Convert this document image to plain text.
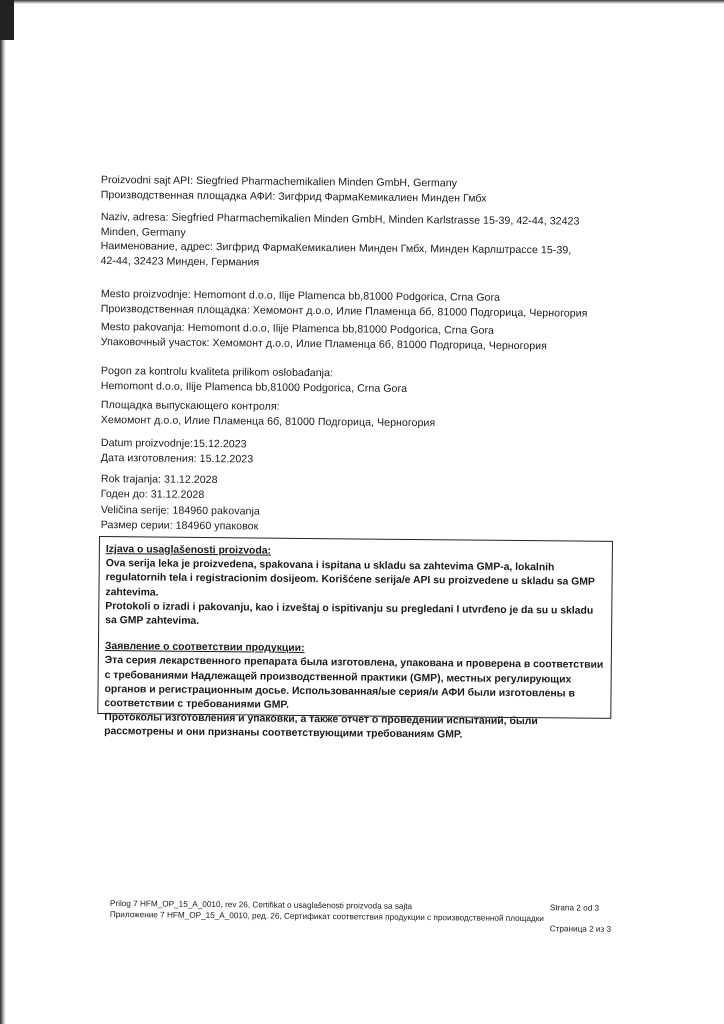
Proizvodni sajt API: Siegfried Pharmachemikalien Minden GmbH, Germany
Производственная площадка АФИ: Зигфрид ФармаКемикалиен Минден Гмбх
Naziv, adresa: Siegfried Pharmachemikalien Minden GmbH, Minden Karlstrasse 15-39, 42-44, 32423
Minden, Germany
Наименование, адрес: Зигфрид ФармаКемикалиен Минден Гмбх, Минден Карлштрассе 15-39,
42-44, 32423 Минден, Германия
Mesto proizvodnje: Hemomont d.o.o, Ilije Plamenca bb,81000 Podgorica, Crna Gora
Производственная площадка: Хемомонт д.о.о, Илие Пламенца бб, 81000 Подгорица, Черногория
Mesto pakovanja: Hemomont d.o.o, Ilije Plamenca bb,81000 Podgorica, Crna Gora
Упаковочный участок: Хемомонт д.о.о, Илие Пламенца 6б, 81000 Подгорица, Черногория
Pogon za kontrolu kvaliteta prilikom oslobađanja:
Hemomont d.o.o, Ilije Plamenca bb,81000 Podgorica, Crna Gora
Площадка выпускающего контроля:
Хемомонт д.о.о, Илие Пламенца 6б, 81000 Подгорица, Черногория
Datum proizvodnje:15.12.2023
Дата изготовления: 15.12.2023
Rok trajanja: 31.12.2028
Годен до: 31.12.2028
Veličina serije: 184960 pakovanja
Размер серии: 184960 упаковок
Izjava o usaglašenosti proizvoda:
Ova serija leka je proizvedena, spakovana i ispitana u skladu sa zahtevima GMP-a, lokalnih regulatornih tela i registracionim dosijeom. Korišćene serija/e API su proizvedene u skladu sa GMP zahtevima.
Protokoli o izradi i pakovanju, kao i izveštaj o ispitivanju su pregledani I utvrđeno je da su u skladu sa GMP zahtevima.
Заявление о соответствии продукции:
Эта серия лекарственного препарата была изготовлена, упакована и проверена в соответствии с требованиями Надлежащей производственной практики (GMP), местных регулирующих органов и регистрационным досье. Использованная/ые серия/и АФИ были изготовлены в соответствии с требованиями GMP.
Протоколы изготовления и упаковки, а также отчет о проведении испытаний, были рассмотрены и они признаны соответствующими требованиям GMP.
Prilog 7 HFM_OP_15_A_0010, rev 26, Certifikat o usaglašenosti proizvoda sa sajta	Strana 2 od 3
Приложение 7 HFM_OP_15_A_0010, ред. 26, Сертификат соответствия продукции с производственной площадки
Страница 2 из 3
